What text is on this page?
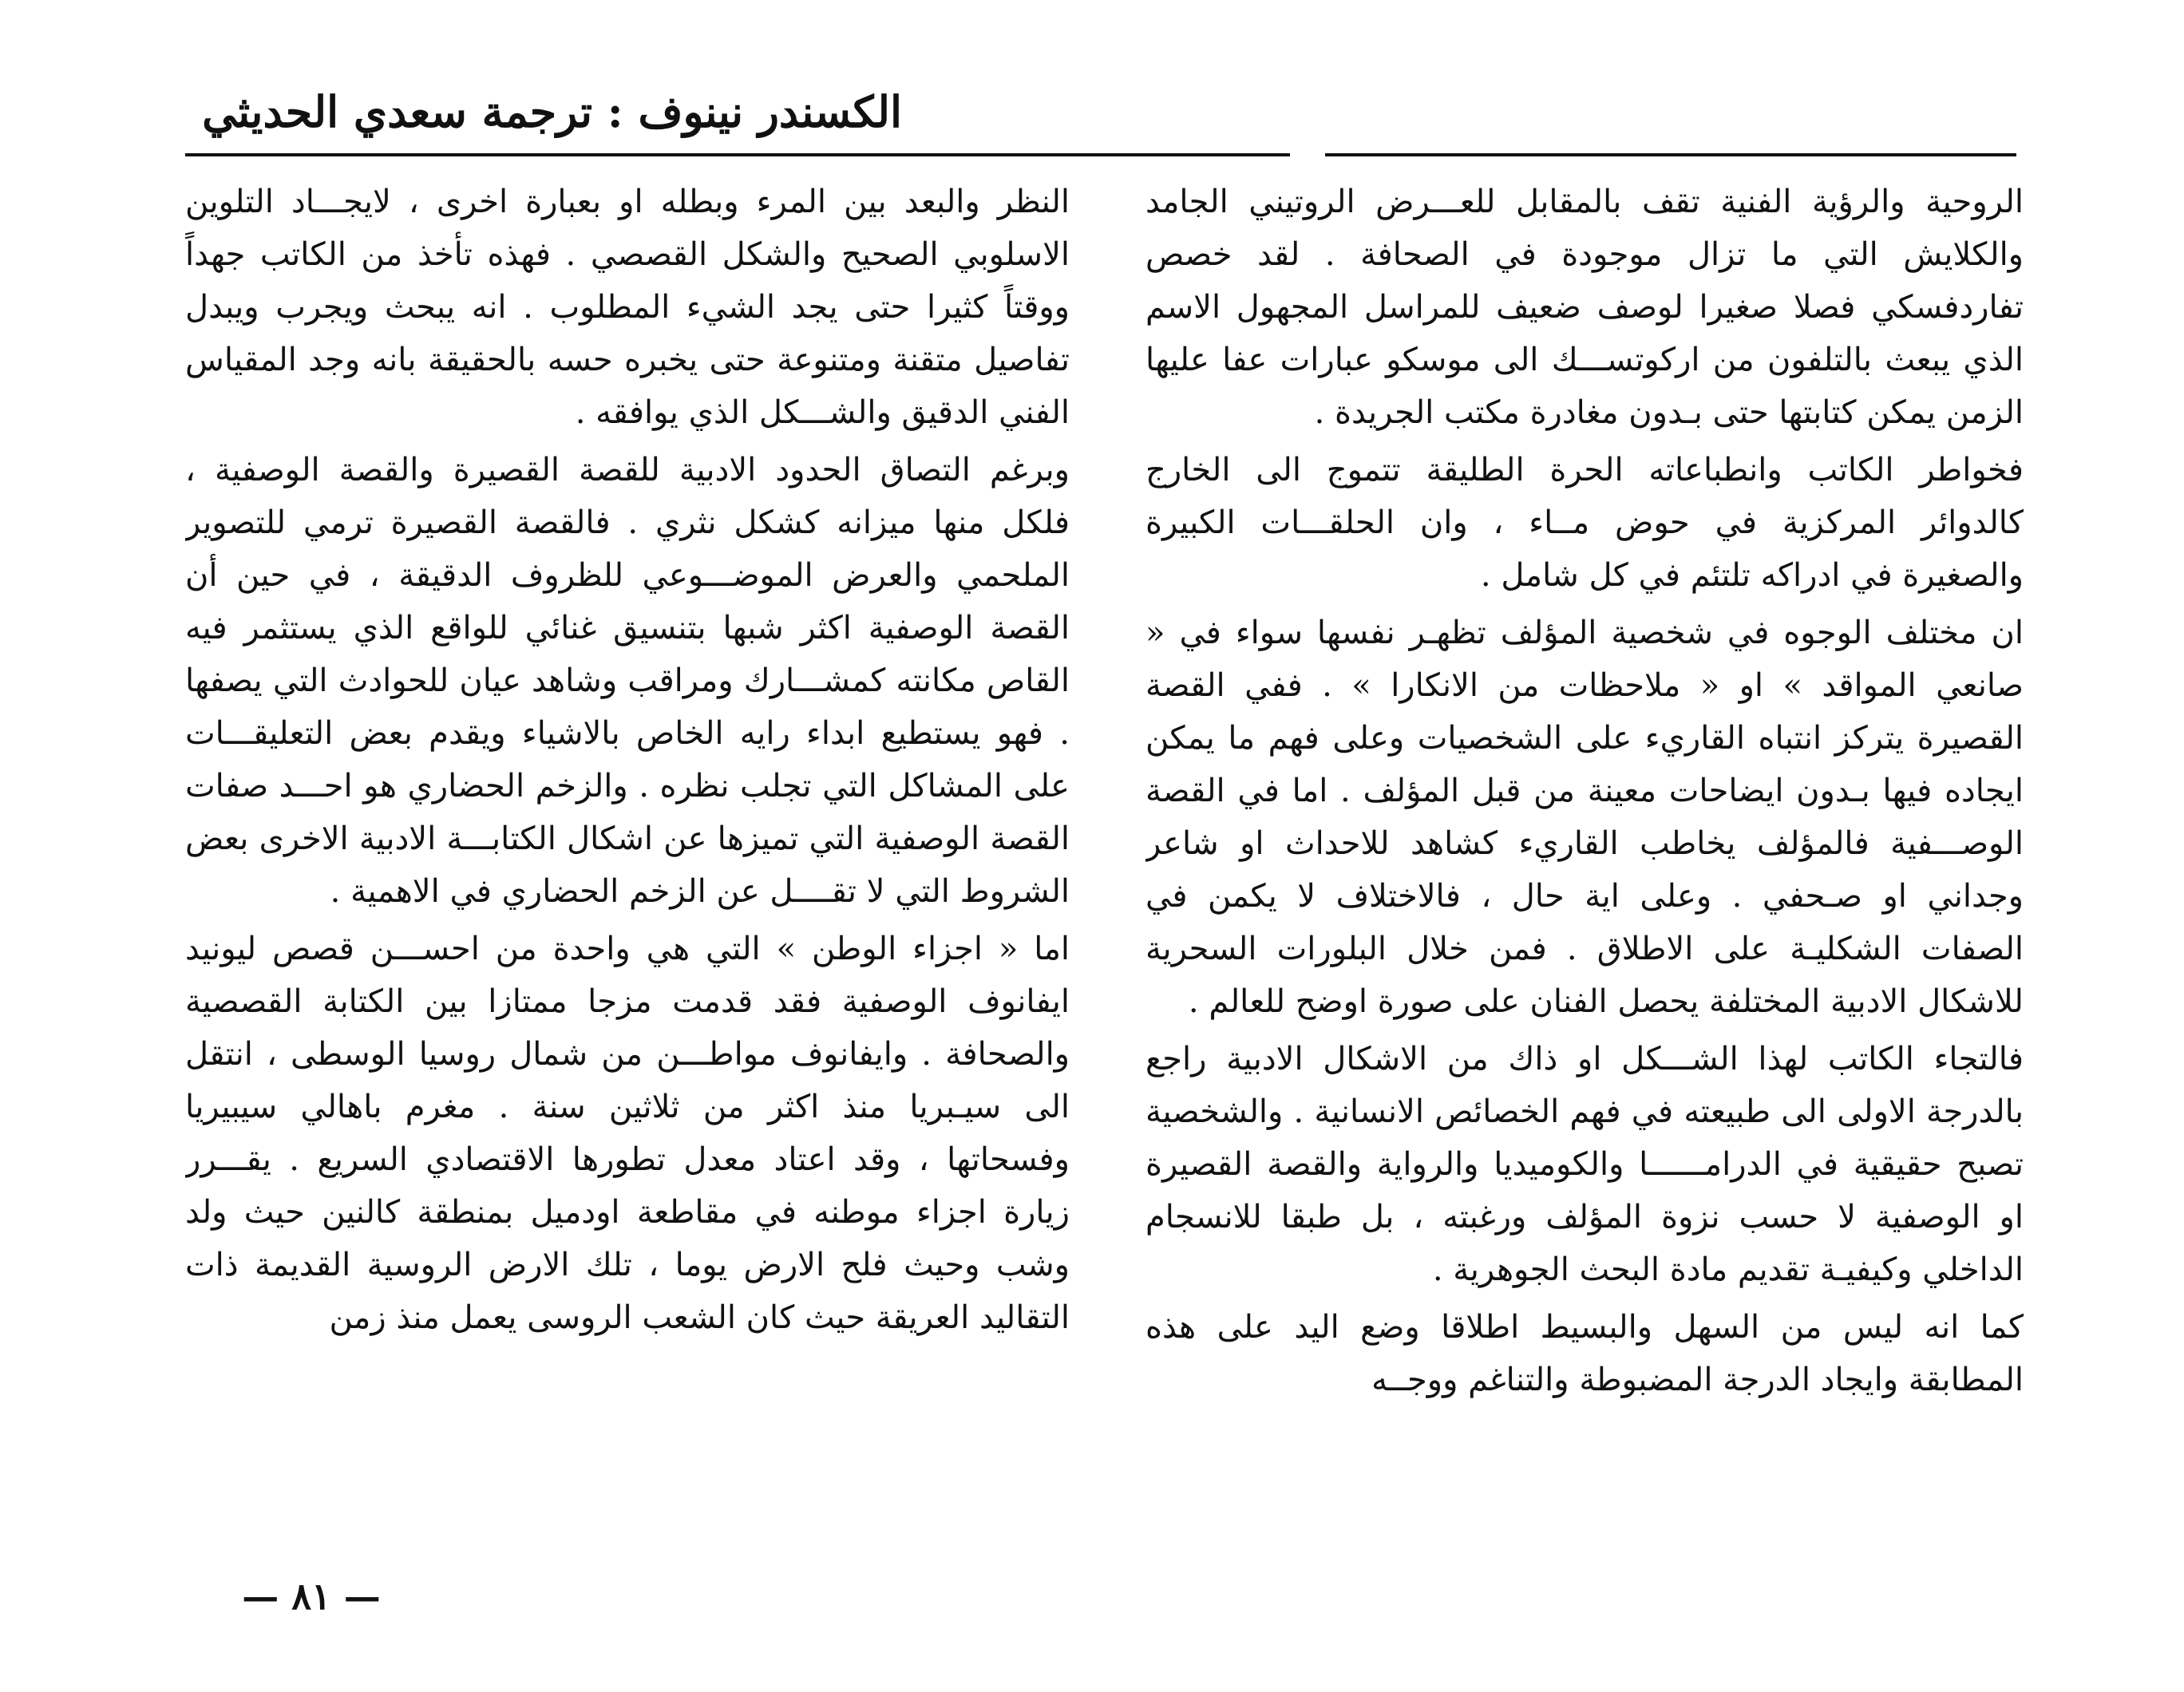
الكسندر نينوف : ترجمة سعدي الحديثي

الروحية والرؤية الفنية تقف بالمقابل للعـــرض الروتيني الجامد والكلايش التي ما تزال موجودة في الصحافة . لقد خصص تفاردفسكي فصلا صغيرا لوصف ضعيف للمراسل المجهول الاسم الذي يبعث بالتلفون من اركوتســـك الى موسكو عبارات عفا عليها الزمن يمكن كتابتها حتى بـدون مغادرة مكتب الجريدة .

فخواطر الكاتب وانطباعاته الحرة الطليقة تتموج الى الخارج كالدوائر المركزية في حوض مــاء ، وان الحلقـــات الكبيرة والصغيرة في ادراكه تلتئم في كل شامل .

ان مختلف الوجوه في شخصية المؤلف تظهـر نفسها سواء في « صانعي المواقد » او « ملاحظات من الانكارا » . ففي القصة القصيرة يتركز انتباه القاريء على الشخصيات وعلى فهم ما يمكن ايجاده فيها بـدون ايضاحات معينة من قبل المؤلف . اما في القصة الوصـــفية فالمؤلف يخاطب القاريء كشاهد للاحداث او شاعر وجداني او صـحفي . وعلى اية حال ، فالاختلاف لا يكمن في الصفات الشكليـة على الاطلاق . فمن خلال البلورات السحرية للاشكال الادبية المختلفة يحصل الفنان على صورة اوضح للعالم .

فالتجاء الكاتب لهذا الشـــكل او ذاك من الاشكال الادبية راجع بالدرجة الاولى الى طبيعته في فهم الخصائص الانسانية . والشخصية تصبح حقيقية في الدرامــــــا والكوميديا والرواية والقصة القصيرة او الوصفية لا حسب نزوة المؤلف ورغبته ، بل طبقا للانسجام الداخلي وكيفيـة تقديم مادة البحث الجوهرية .

كما انه ليس من السهل والبسيط اطلاقا وضع اليد على هذه المطابقة وايجاد الدرجة المضبوطة والتناغم ووجــه

النظر والبعد بين المرء وبطله او بعبارة اخرى ، لايجـــاد التلوين الاسلوبي الصحيح والشكل القصصي . فهذه تأخذ من الكاتب جهداً ووقتاً كثيرا حتى يجد الشيء المطلوب . انه يبحث ويجرب ويبدل تفاصيل متقنة ومتنوعة حتى يخبره حسه بالحقيقة بانه وجد المقياس الفني الدقيق والشـــكل الذي يوافقه .

وبرغم التصاق الحدود الادبية للقصة القصيرة والقصة الوصفية ، فلكل منها ميزانه كشكل نثري . فالقصة القصيرة ترمي للتصوير الملحمي والعرض الموضـــوعي للظروف الدقيقة ، في حين أن القصة الوصفية اكثر شبها بتنسيق غنائي للواقع الذي يستثمر فيه القاص مكانته كمشـــارك ومراقب وشاهد عيان للحوادث التي يصفها . فهو يستطيع ابداء رايه الخاص بالاشياء ويقدم بعض التعليقـــات على المشاكل التي تجلب نظره . والزخم الحضاري هو احـــد صفات القصة الوصفية التي تميزها عن اشكال الكتابـــة الادبية الاخرى بعض الشروط التي لا تقــــل عن الزخم الحضاري في الاهمية .

اما « اجزاء الوطن » التي هي واحدة من احســـن قصص ليونيد ايفانوف الوصفية فقد قدمت مزجا ممتازا بين الكتابة القصصية والصحافة . وايفانوف مواطـــن من شمال روسيا الوسطى ، انتقل الى سيـبريا منذ اكثر من ثلاثين سنة . مغرم باهالي سيبيريا وفسحاتها ، وقد اعتاد معدل تطورها الاقتصادي السريع . يقـــرر زيارة اجزاء موطنه في مقاطعة اودميل بمنطقة كالنين حيث ولد وشب وحيث فلح الارض يوما ، تلك الارض الروسية القديمة ذات التقاليد العريقة حيث كان الشعب الروسى يعمل منذ زمن

— ٨١ —
